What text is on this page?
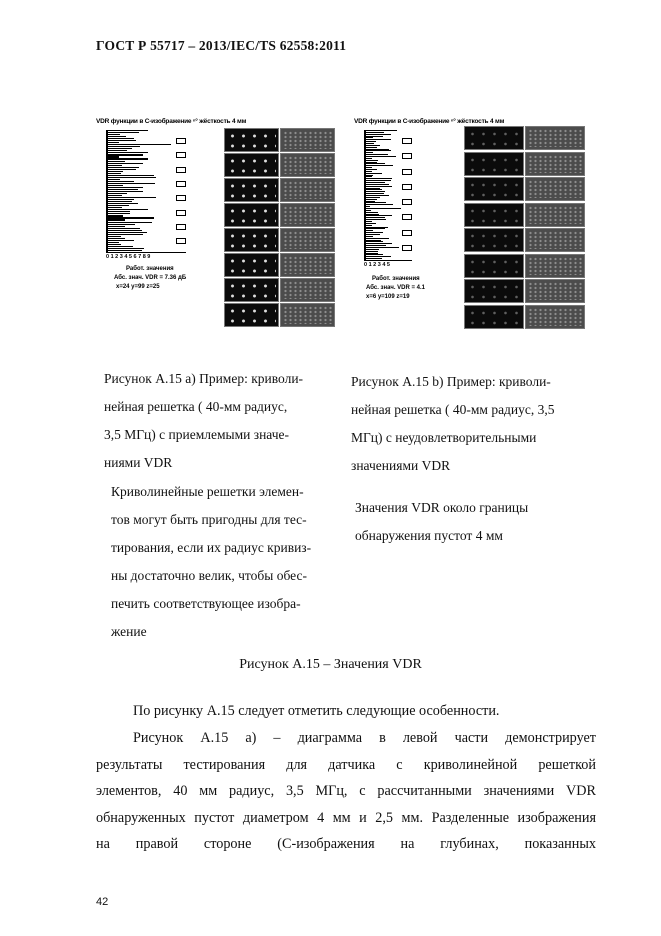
ГОСТ Р 55717 – 2013/IEC/TS 62558:2011
VDR функции в С-изображение ⁿ° жёсткость 4 мм
0 1 2 3 4 5 6 7 8 9
Работ. значения
Абс. знач. VDR = 7.36 дБ
x=24 y=99 z=25
VDR функции в С-изображение ⁿ° жёсткость 4 мм
0 1 2 3 4 5
Работ. значения
Абс. знач. VDR = 4.1
x=6 y=109 z=19
Рисунок А.15 а) Пример: криволи-
нейная решетка ( 40-мм радиус,
3,5 МГц) с приемлемыми значе-
ниями VDR
Рисунок А.15 b) Пример: криволи-
нейная решетка ( 40-мм радиус, 3,5
МГц) с неудовлетворительными
значениями VDR
Криволинейные решетки элемен-
тов могут быть пригодны для тес-
тирования, если их радиус кривиз-
ны достаточно велик, чтобы обес-
печить соответствующее изобра-
жение
Значения VDR около границы
обнаружения пустот 4 мм
Рисунок А.15 – Значения VDR
По рисунку А.15 следует отметить следующие особенности.
Рисунок А.15 а) – диаграмма в левой части демонстрирует
результаты тестирования для датчика с криволинейной решеткой
элементов, 40 мм радиус, 3,5 МГц, с рассчитанными значениями VDR
обнаруженных пустот диаметром 4 мм и 2,5 мм. Разделенные изображения
на правой стороне (С-изображения на глубинах, показанных
42
